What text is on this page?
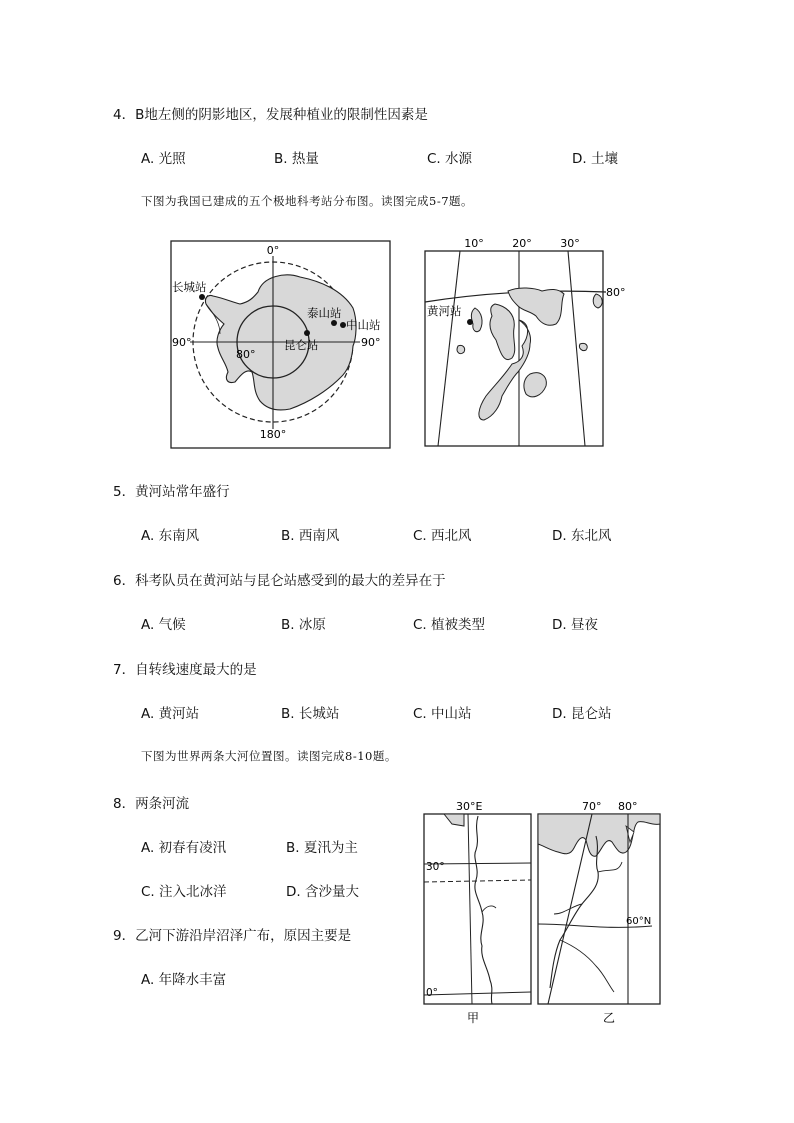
4．B地左侧的阴影地区，发展种植业的限制性因素是
A. 光照	B. 热量	C. 水源	D. 土壤
下图为我国已建成的五个极地科考站分布图。读图完成5-7题。
0°
180°
90°	90°
80°
长城站
泰山站
中山站
昆仑站
10°	20°	30°
80°
黄河站
5．黄河站常年盛行
A. 东南风	B. 西南风	C. 西北风	D. 东北风
6．科考队员在黄河站与昆仑站感受到的最大的差异在于
A. 气候	B. 冰原	C. 植被类型	D. 昼夜
7．自转线速度最大的是
A. 黄河站	B. 长城站	C. 中山站	D. 昆仑站
下图为世界两条大河位置图。读图完成8-10题。
8．两条河流
A. 初春有凌汛	B. 夏汛为主
C. 注入北冰洋	D. 含沙量大
9．乙河下游沿岸沼泽广布，原因主要是
A. 年降水丰富
30°E
30°
0°
甲
70° 80°
60°N
乙
